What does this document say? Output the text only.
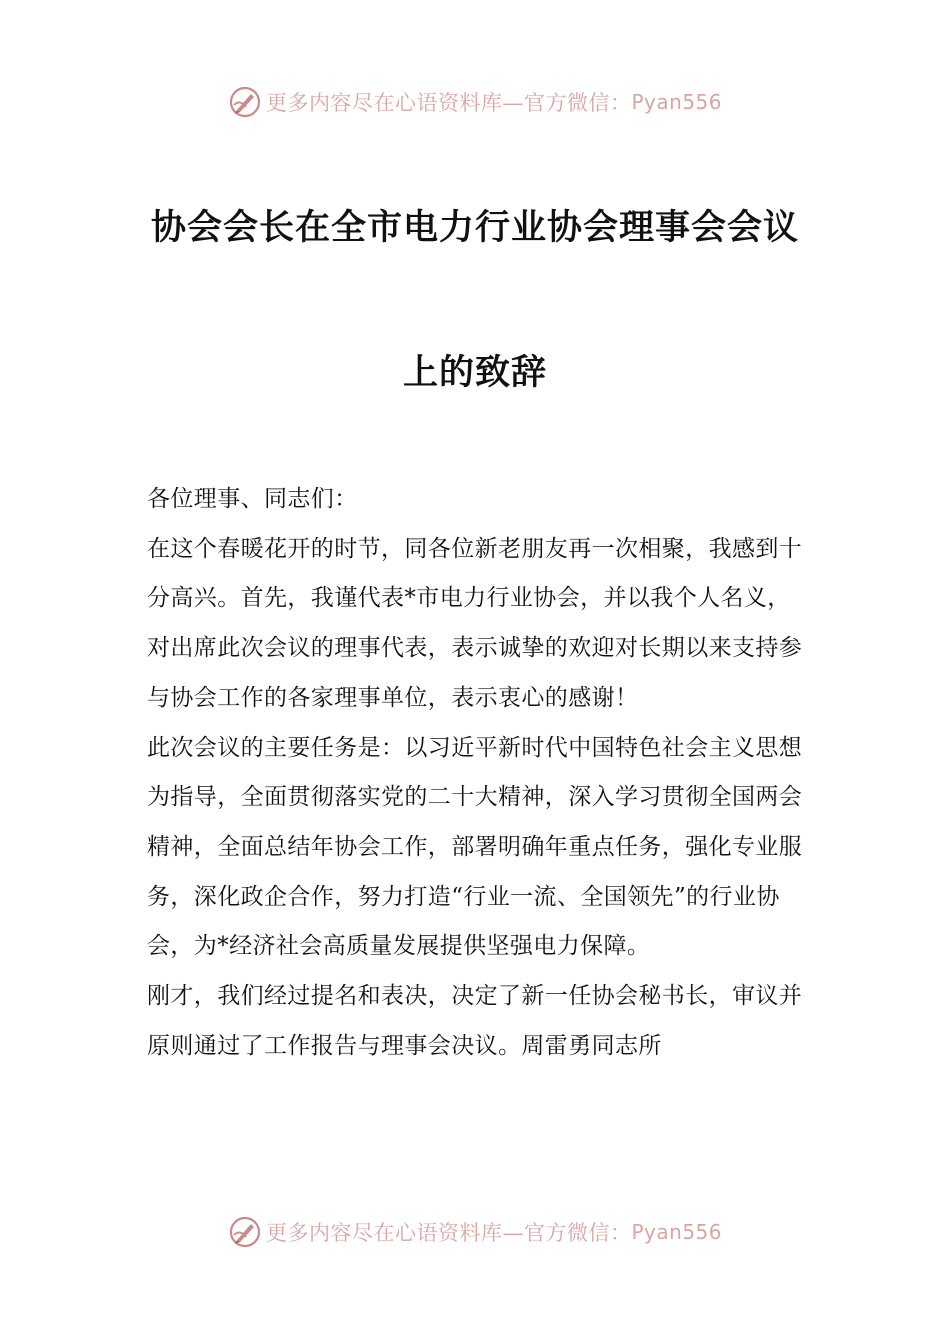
更多内容尽在心语资料库—官方微信： Pyan556
协会会长在全市电力行业协会理事会会议
上的致辞

各位理事、同志们：

在这个春暖花开的时节，同各位新老朋友再一次相聚，我感到十分高兴。首先，我谨代表*市电力行业协会，并以我个人名义，对出席此次会议的理事代表，表示诚挚的欢迎对长期以来支持参与协会工作的各家理事单位，表示衷心的感谢！

此次会议的主要任务是：以习近平新时代中国特色社会主义思想为指导，全面贯彻落实党的二十大精神，深入学习贯彻全国两会精神，全面总结年协会工作，部署明确年重点任务，强化专业服务，深化政企合作，努力打造“行业一流、全国领先”的行业协会，为*经济社会高质量发展提供坚强电力保障。

刚才，我们经过提名和表决，决定了新一任协会秘书长，审议并原则通过了工作报告与理事会决议。周雷勇同志所

更多内容尽在心语资料库—官方微信： Pyan556
